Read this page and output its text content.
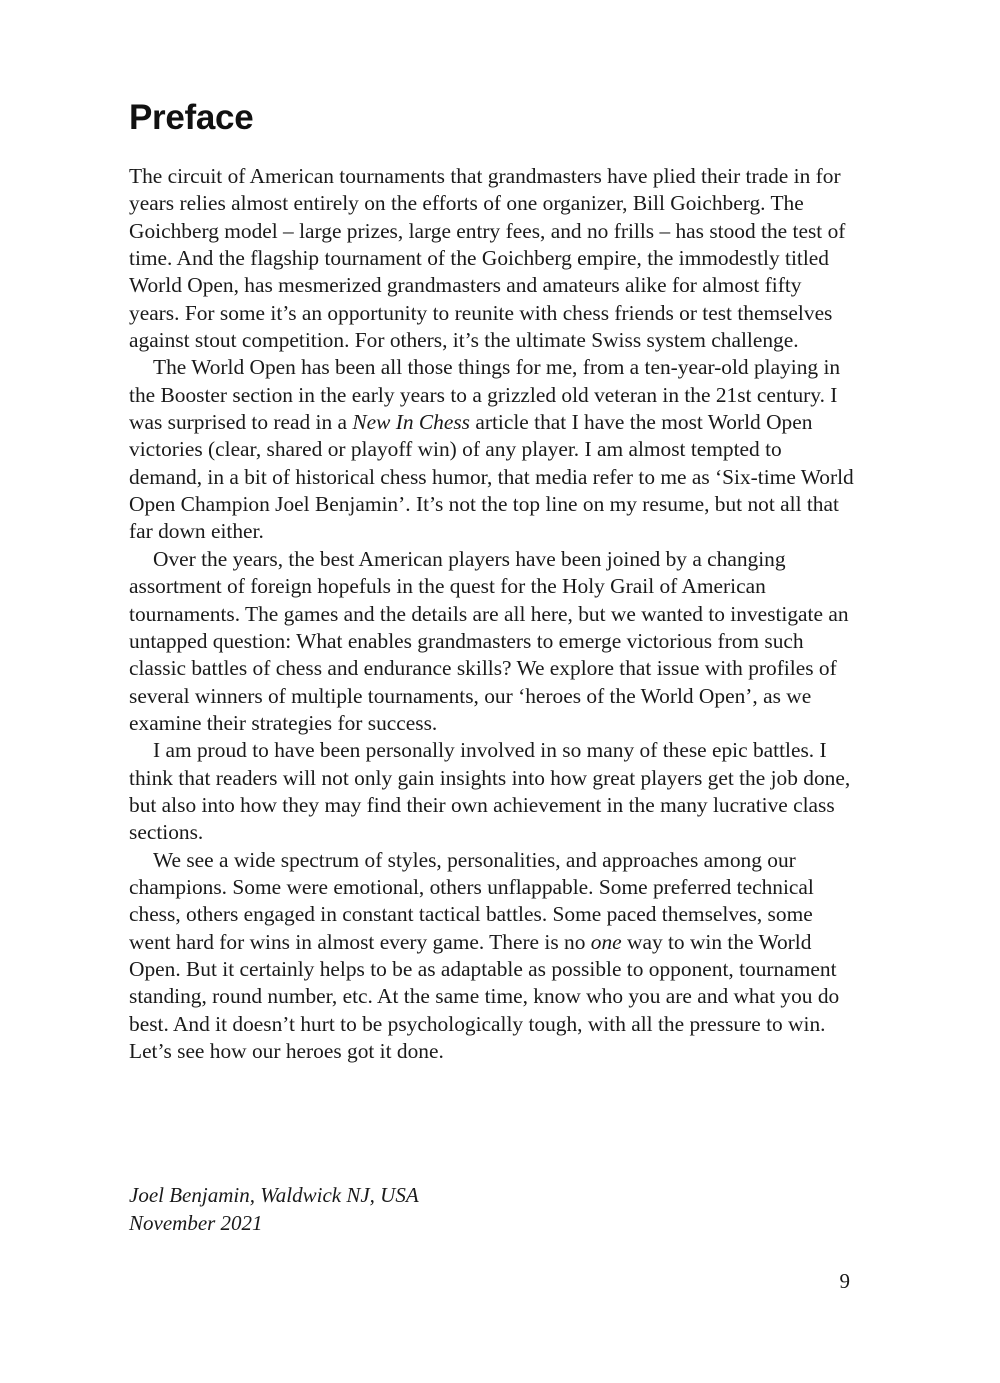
Preface

The circuit of American tournaments that grandmasters have plied their trade in for years relies almost entirely on the efforts of one organizer, Bill Goichberg. The Goichberg model – large prizes, large entry fees, and no frills – has stood the test of time. And the flagship tournament of the Goichberg empire, the immodestly titled World Open, has mesmerized grandmasters and amateurs alike for almost fifty years. For some it’s an opportunity to reunite with chess friends or test themselves against stout competition. For others, it’s the ultimate Swiss system challenge.

The World Open has been all those things for me, from a ten-year-old playing in the Booster section in the early years to a grizzled old veteran in the 21st century. I was surprised to read in a New In Chess article that I have the most World Open victories (clear, shared or playoff win) of any player. I am almost tempted to demand, in a bit of historical chess humor, that media refer to me as ‘Six-time World Open Champion Joel Benjamin’. It’s not the top line on my resume, but not all that far down either.

Over the years, the best American players have been joined by a changing assortment of foreign hopefuls in the quest for the Holy Grail of American tournaments. The games and the details are all here, but we wanted to investigate an untapped question: What enables grandmasters to emerge victorious from such classic battles of chess and endurance skills? We explore that issue with profiles of several winners of multiple tournaments, our ‘heroes of the World Open’, as we examine their strategies for success.

I am proud to have been personally involved in so many of these epic battles. I think that readers will not only gain insights into how great players get the job done, but also into how they may find their own achievement in the many lucrative class sections.

We see a wide spectrum of styles, personalities, and approaches among our champions. Some were emotional, others unflappable. Some preferred technical chess, others engaged in constant tactical battles. Some paced themselves, some went hard for wins in almost every game. There is no one way to win the World Open. But it certainly helps to be as adaptable as possible to opponent, tournament standing, round number, etc. At the same time, know who you are and what you do best. And it doesn’t hurt to be psychologically tough, with all the pressure to win. Let’s see how our heroes got it done.

Joel Benjamin, Waldwick NJ, USA
November 2021
9
